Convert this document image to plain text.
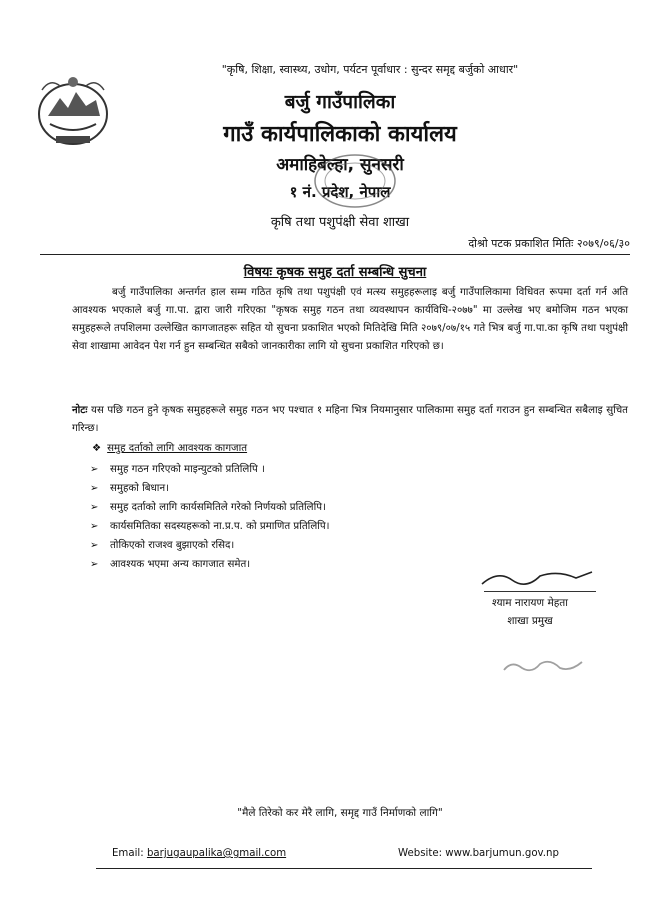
"कृषि, शिक्षा, स्वास्थ्य, उधोग, पर्यटन पूर्वाधार : सुन्दर समृद्द बर्जुको आधार"
बर्जु गाउँपालिका
गाउँ कार्यपालिकाको कार्यालय
अमाहिबेल्हा, सुनसरी
१ नं. प्रदेश, नेपाल
कृषि तथा पशुपंक्षी सेवा शाखा
दोश्रो पटक प्रकाशित मितिः २०७९/०६/३०
विषयः कृषक समुह दर्ता सम्बन्धि सुचना
बर्जु गाउँपालिका अन्तर्गत हाल सम्म गठित कृषि तथा पशुपंक्षी एवं मत्स्य समुहहरूलाइ बर्जु गाउँपालिकामा विधिवत रूपमा दर्ता गर्न अति आवश्यक भएकाले बर्जु गा.पा. द्वारा जारी गरिएका "कृषक समुह गठन तथा व्यवस्थापन कार्यविधि-२०७७" मा उल्लेख भए बमोजिम गठन भएका समुहहरूले तपशिलमा उल्लेखित कागजातहरू सहित यो सुचना प्रकाशित भएको मितिदेखि मिति २०७९/०७/१५ गते भित्र बर्जु गा.पा.का कृषि तथा पशुपंक्षी सेवा शाखामा आवेदन पेश गर्न हुन सम्बन्धित सबैको जानकारीका लागि यो सुचना प्रकाशित गरिएको छ।
नोटः यस पछि गठन हुने कृषक समुहहरूले समुह गठन भए पश्चात १ महिना भित्र नियमानुसार पालिकामा समुह दर्ता गराउन हुन सम्बन्धित सबैलाइ सुचित गरिन्छ।
❖ समुह दर्ताको लागि आवश्यक कागजात
➢ समुह गठन गरिएको माइन्युटको प्रतिलिपि ।
➢ समुहको बिधान।
➢ समुह दर्ताको लागि कार्यसमितिले गरेको निर्णयको प्रतिलिपि।
➢ कार्यसमितिका सदस्यहरूको ना.प्र.प. को प्रमाणित प्रतिलिपि।
➢ तोकिएको राजश्व बुझाएको रसिद।
➢ आवश्यक भएमा अन्य कागजात समेत।
श्याम नारायण मेहता
शाखा प्रमुख
"मैले तिरेको कर मेरै लागि, समृद्द गाउँ निर्माणको लागि"
Email: barjugaupalika@gmail.com	Website: www.barjumun.gov.np
